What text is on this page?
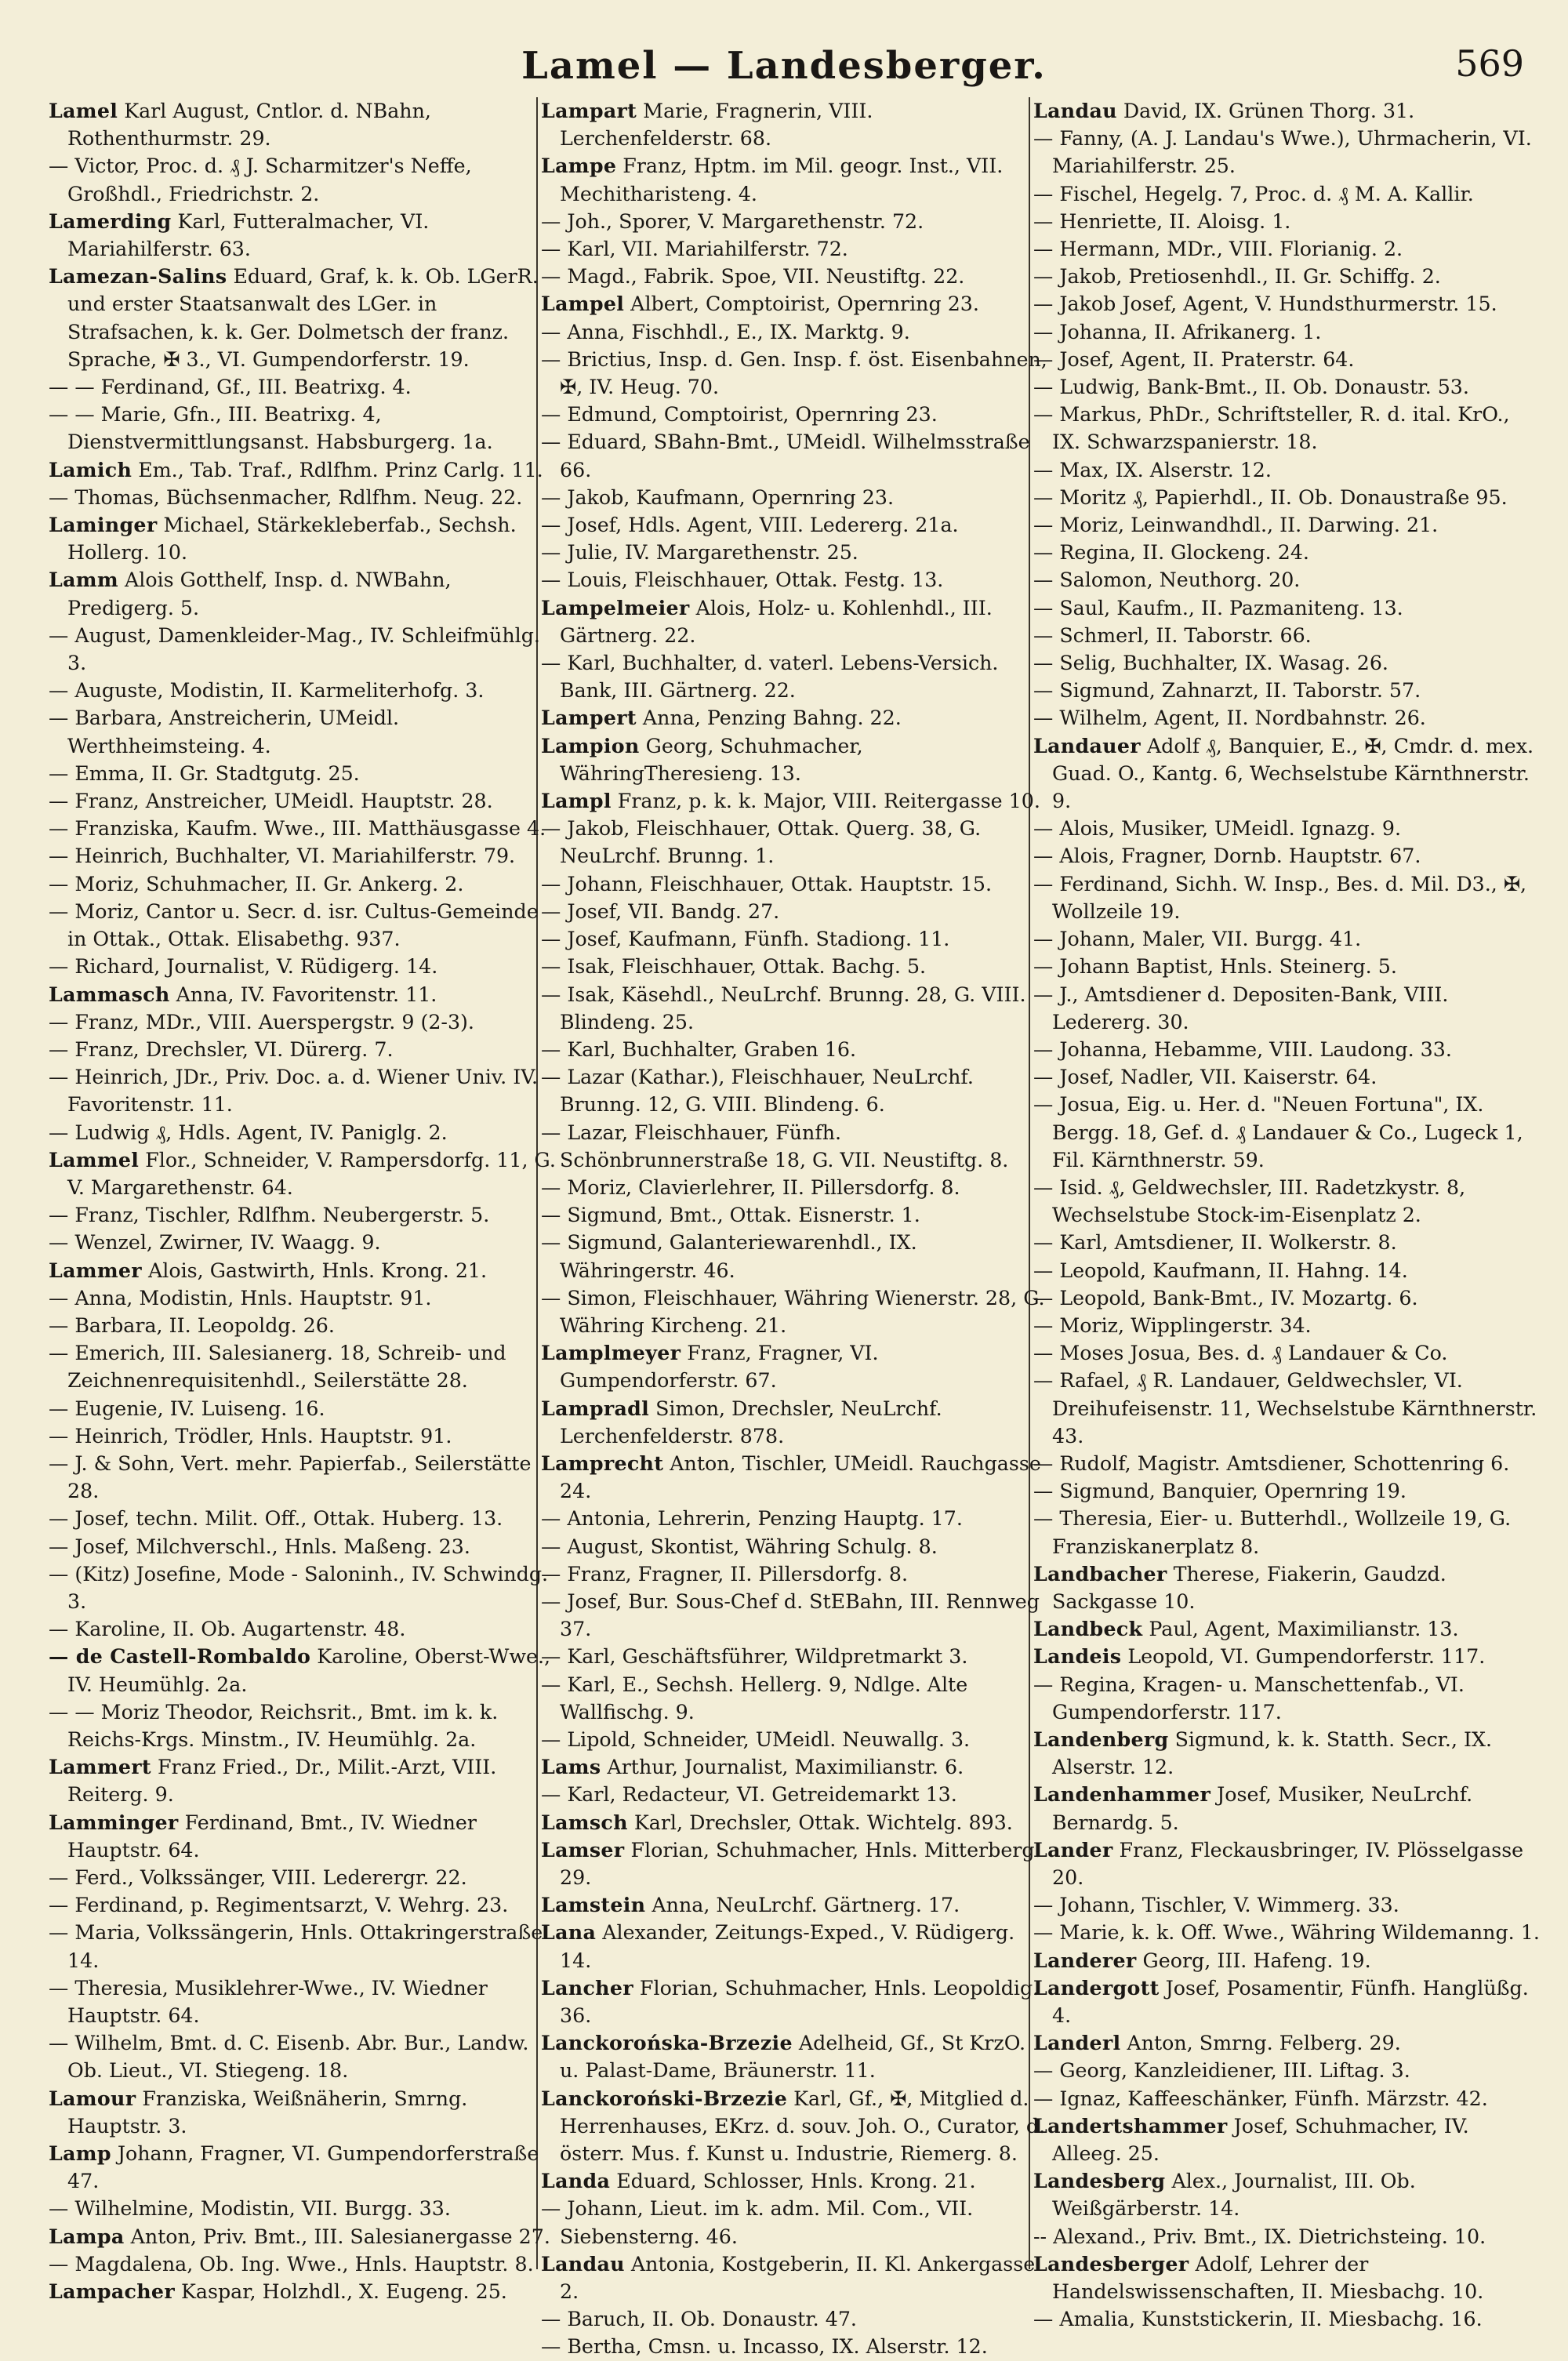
Lamel — Landesberger.	569
Lamel Karl August, Cntlor. d. NBahn, Rothenthurmstr. 29.
— Victor, Proc. d. ₰ J. Scharmitzer's Neffe, Großhdl., Friedrichstr. 2.
Lamerding Karl, Futteralmacher, VI. Mariahilferstr. 63.
Lamezan-Salins Eduard, Graf, k. k. Ob. LGerR. und erster Staatsanwalt des LGer. in Strafsachen, k. k. Ger. Dolmetsch der franz. Sprache, ✠ 3., VI. Gumpendorferstr. 19.
— — Ferdinand, Gf., III. Beatrixg. 4.
— — Marie, Gfn., III. Beatrixg. 4, Dienstvermittlungsanst. Habsburgerg. 1a.
Lamich Em., Tab. Traf., Rdlfhm. Prinz Carlg. 11.
— Thomas, Büchsenmacher, Rdlfhm. Neug. 22.
Laminger Michael, Stärkekleberfab., Sechsh. Hollerg. 10.
Lamm Alois Gotthelf, Insp. d. NWBahn, Predigerg. 5.
— August, Damenkleider-Mag., IV. Schleifmühlg. 3.
— Auguste, Modistin, II. Karmeliterhofg. 3.
— Barbara, Anstreicherin, UMeidl. Werthheimsteing. 4.
— Emma, II. Gr. Stadtgutg. 25.
— Franz, Anstreicher, UMeidl. Hauptstr. 28.
— Franziska, Kaufm. Wwe., III. Matthäusgasse 4.
— Heinrich, Buchhalter, VI. Mariahilferstr. 79.
— Moriz, Schuhmacher, II. Gr. Ankerg. 2.
— Moriz, Cantor u. Secr. d. isr. Cultus-Gemeinde in Ottak., Ottak. Elisabethg. 937.
— Richard, Journalist, V. Rüdigerg. 14.
Lammasch Anna, IV. Favoritenstr. 11.
— Franz, MDr., VIII. Auerspergstr. 9 (2-3).
— Franz, Drechsler, VI. Dürerg. 7.
— Heinrich, JDr., Priv. Doc. a. d. Wiener Univ. IV. Favoritenstr. 11.
— Ludwig ₰, Hdls. Agent, IV. Paniglg. 2.
Lammel Flor., Schneider, V. Rampersdorfg. 11, G. V. Margarethenstr. 64.
— Franz, Tischler, Rdlfhm. Neubergerstr. 5.
— Wenzel, Zwirner, IV. Waagg. 9.
Lammer Alois, Gastwirth, Hnls. Krong. 21.
— Anna, Modistin, Hnls. Hauptstr. 91.
— Barbara, II. Leopoldg. 26.
— Emerich, III. Salesianerg. 18, Schreib- und Zeichnenrequisitenhdl., Seilerstätte 28.
— Eugenie, IV. Luiseng. 16.
— Heinrich, Trödler, Hnls. Hauptstr. 91.
— J. & Sohn, Vert. mehr. Papierfab., Seilerstätte 28.
— Josef, techn. Milit. Off., Ottak. Huberg. 13.
— Josef, Milchverschl., Hnls. Maßeng. 23.
— (Kitz) Josefine, Mode - Saloninh., IV. Schwindg. 3.
— Karoline, II. Ob. Augartenstr. 48.
— de Castell-Rombaldo Karoline, Oberst-Wwe., IV. Heumühlg. 2a.
— — Moriz Theodor, Reichsrit., Bmt. im k. k. Reichs-Krgs. Minstm., IV. Heumühlg. 2a.
Lammert Franz Fried., Dr., Milit.-Arzt, VIII. Reiterg. 9.
Lamminger Ferdinand, Bmt., IV. Wiedner Hauptstr. 64.
— Ferd., Volkssänger, VIII. Lederergr. 22.
— Ferdinand, p. Regimentsarzt, V. Wehrg. 23.
— Maria, Volkssängerin, Hnls. Ottakringerstraße 14.
— Theresia, Musiklehrer-Wwe., IV. Wiedner Hauptstr. 64.
— Wilhelm, Bmt. d. C. Eisenb. Abr. Bur., Landw. Ob. Lieut., VI. Stiegeng. 18.
Lamour Franziska, Weißnäherin, Smrng. Hauptstr. 3.
Lamp Johann, Fragner, VI. Gumpendorferstraße 47.
— Wilhelmine, Modistin, VII. Burgg. 33.
Lampa Anton, Priv. Bmt., III. Salesianergasse 27.
— Magdalena, Ob. Ing. Wwe., Hnls. Hauptstr. 8.
Lampacher Kaspar, Holzhdl., X. Eugeng. 25.
Lampart Marie, Fragnerin, VIII. Lerchenfelderstr. 68.
Lampe Franz, Hptm. im Mil. geogr. Inst., VII. Mechitharisteng. 4.
— Joh., Sporer, V. Margarethenstr. 72.
— Karl, VII. Mariahilferstr. 72.
— Magd., Fabrik. Spoe, VII. Neustiftg. 22.
Lampel Albert, Comptoirist, Opernring 23.
— Anna, Fischhdl., E., IX. Marktg. 9.
— Brictius, Insp. d. Gen. Insp. f. öst. Eisenbahnen, ✠, IV. Heug. 70.
— Edmund, Comptoirist, Opernring 23.
— Eduard, SBahn-Bmt., UMeidl. Wilhelmsstraße 66.
— Jakob, Kaufmann, Opernring 23.
— Josef, Hdls. Agent, VIII. Ledererg. 21a.
— Julie, IV. Margarethenstr. 25.
— Louis, Fleischhauer, Ottak. Festg. 13.
Lampelmeier Alois, Holz- u. Kohlenhdl., III. Gärtnerg. 22.
— Karl, Buchhalter, d. vaterl. Lebens-Versich. Bank, III. Gärtnerg. 22.
Lampert Anna, Penzing Bahng. 22.
Lampion Georg, Schuhmacher, WähringTheresieng. 13.
Lampl Franz, p. k. k. Major, VIII. Reitergasse 10.
— Jakob, Fleischhauer, Ottak. Querg. 38, G. NeuLrchf. Brunng. 1.
— Johann, Fleischhauer, Ottak. Hauptstr. 15.
— Josef, VII. Bandg. 27.
— Josef, Kaufmann, Fünfh. Stadiong. 11.
— Isak, Fleischhauer, Ottak. Bachg. 5.
— Isak, Käsehdl., NeuLrchf. Brunng. 28, G. VIII. Blindeng. 25.
— Karl, Buchhalter, Graben 16.
— Lazar (Kathar.), Fleischhauer, NeuLrchf. Brunng. 12, G. VIII. Blindeng. 6.
— Lazar, Fleischhauer, Fünfh. Schönbrunnerstraße 18, G. VII. Neustiftg. 8.
— Moriz, Clavierlehrer, II. Pillersdorfg. 8.
— Sigmund, Bmt., Ottak. Eisnerstr. 1.
— Sigmund, Galanteriewarenhdl., IX. Währingerstr. 46.
— Simon, Fleischhauer, Währing Wienerstr. 28, G. Währing Kircheng. 21.
Lamplmeyer Franz, Fragner, VI. Gumpendorferstr. 67.
Lampradl Simon, Drechsler, NeuLrchf. Lerchenfelderstr. 878.
Lamprecht Anton, Tischler, UMeidl. Rauchgasse 24.
— Antonia, Lehrerin, Penzing Hauptg. 17.
— August, Skontist, Währing Schulg. 8.
— Franz, Fragner, II. Pillersdorfg. 8.
— Josef, Bur. Sous-Chef d. StEBahn, III. Rennweg 37.
— Karl, Geschäftsführer, Wildpretmarkt 3.
— Karl, E., Sechsh. Hellerg. 9, Ndlge. Alte Wallfischg. 9.
— Lipold, Schneider, UMeidl. Neuwallg. 3.
Lams Arthur, Journalist, Maximilianstr. 6.
— Karl, Redacteur, VI. Getreidemarkt 13.
Lamsch Karl, Drechsler, Ottak. Wichtelg. 893.
Lamser Florian, Schuhmacher, Hnls. Mitterberg. 29.
Lamstein Anna, NeuLrchf. Gärtnerg. 17.
Lana Alexander, Zeitungs-Exped., V. Rüdigerg. 14.
Lancher Florian, Schuhmacher, Hnls. Leopoldig. 36.
Lanckorońska-Brzezie Adelheid, Gf., St KrzO. u. Palast-Dame, Bräunerstr. 11.
Lanckoroński-Brzezie Karl, Gf., ✠, Mitglied d. Herrenhauses, EKrz. d. souv. Joh. O., Curator, d. österr. Mus. f. Kunst u. Industrie, Riemerg. 8.
Landa Eduard, Schlosser, Hnls. Krong. 21.
— Johann, Lieut. im k. adm. Mil. Com., VII. Siebensterng. 46.
Landau Antonia, Kostgeberin, II. Kl. Ankergasse 2.
— Baruch, II. Ob. Donaustr. 47.
— Bertha, Cmsn. u. Incasso, IX. Alserstr. 12.
Landau David, IX. Grünen Thorg. 31.
— Fanny, (A. J. Landau's Wwe.), Uhrmacherin, VI. Mariahilferstr. 25.
— Fischel, Hegelg. 7, Proc. d. ₰ M. A. Kallir.
— Henriette, II. Aloisg. 1.
— Hermann, MDr., VIII. Florianig. 2.
— Jakob, Pretiosenhdl., II. Gr. Schiffg. 2.
— Jakob Josef, Agent, V. Hundsthurmerstr. 15.
— Johanna, II. Afrikanerg. 1.
— Josef, Agent, II. Praterstr. 64.
— Ludwig, Bank-Bmt., II. Ob. Donaustr. 53.
— Markus, PhDr., Schriftsteller, R. d. ital. KrO., IX. Schwarzspanierstr. 18.
— Max, IX. Alserstr. 12.
— Moritz ₰, Papierhdl., II. Ob. Donaustraße 95.
— Moriz, Leinwandhdl., II. Darwing. 21.
— Regina, II. Glockeng. 24.
— Salomon, Neuthorg. 20.
— Saul, Kaufm., II. Pazmaniteng. 13.
— Schmerl, II. Taborstr. 66.
— Selig, Buchhalter, IX. Wasag. 26.
— Sigmund, Zahnarzt, II. Taborstr. 57.
— Wilhelm, Agent, II. Nordbahnstr. 26.
Landauer Adolf ₰, Banquier, E., ✠, Cmdr. d. mex. Guad. O., Kantg. 6, Wechselstube Kärnthnerstr. 9.
— Alois, Musiker, UMeidl. Ignazg. 9.
— Alois, Fragner, Dornb. Hauptstr. 67.
— Ferdinand, Sichh. W. Insp., Bes. d. Mil. D3., ✠, Wollzeile 19.
— Johann, Maler, VII. Burgg. 41.
— Johann Baptist, Hnls. Steinerg. 5.
— J., Amtsdiener d. Depositen-Bank, VIII. Ledererg. 30.
— Johanna, Hebamme, VIII. Laudong. 33.
— Josef, Nadler, VII. Kaiserstr. 64.
— Josua, Eig. u. Her. d. "Neuen Fortuna", IX. Bergg. 18, Gef. d. ₰ Landauer & Co., Lugeck 1, Fil. Kärnthnerstr. 59.
— Isid. ₰, Geldwechsler, III. Radetzkystr. 8, Wechselstube Stock-im-Eisenplatz 2.
— Karl, Amtsdiener, II. Wolkerstr. 8.
— Leopold, Kaufmann, II. Hahng. 14.
— Leopold, Bank-Bmt., IV. Mozartg. 6.
— Moriz, Wipplingerstr. 34.
— Moses Josua, Bes. d. ₰ Landauer & Co.
— Rafael, ₰ R. Landauer, Geldwechsler, VI. Dreihufeisenstr. 11, Wechselstube Kärnthnerstr. 43.
— Rudolf, Magistr. Amtsdiener, Schottenring 6.
— Sigmund, Banquier, Opernring 19.
— Theresia, Eier- u. Butterhdl., Wollzeile 19, G. Franziskanerplatz 8.
Landbacher Therese, Fiakerin, Gaudzd. Sackgasse 10.
Landbeck Paul, Agent, Maximilianstr. 13.
Landeis Leopold, VI. Gumpendorferstr. 117.
— Regina, Kragen- u. Manschettenfab., VI. Gumpendorferstr. 117.
Landenberg Sigmund, k. k. Statth. Secr., IX. Alserstr. 12.
Landenhammer Josef, Musiker, NeuLrchf. Bernardg. 5.
Lander Franz, Fleckausbringer, IV. Plösselgasse 20.
— Johann, Tischler, V. Wimmerg. 33.
— Marie, k. k. Off. Wwe., Währing Wildemanng. 1.
Landerer Georg, III. Hafeng. 19.
Landergott Josef, Posamentir, Fünfh. Hanglüßg. 4.
Landerl Anton, Smrng. Felberg. 29.
— Georg, Kanzleidiener, III. Liftag. 3.
— Ignaz, Kaffeeschänker, Fünfh. Märzstr. 42.
Landertshammer Josef, Schuhmacher, IV. Alleeg. 25.
Landesberg Alex., Journalist, III. Ob. Weißgärberstr. 14.
-- Alexand., Priv. Bmt., IX. Dietrichsteing. 10.
Landesberger Adolf, Lehrer der Handelswissenschaften, II. Miesbachg. 10.
— Amalia, Kunststickerin, II. Miesbachg. 16.
